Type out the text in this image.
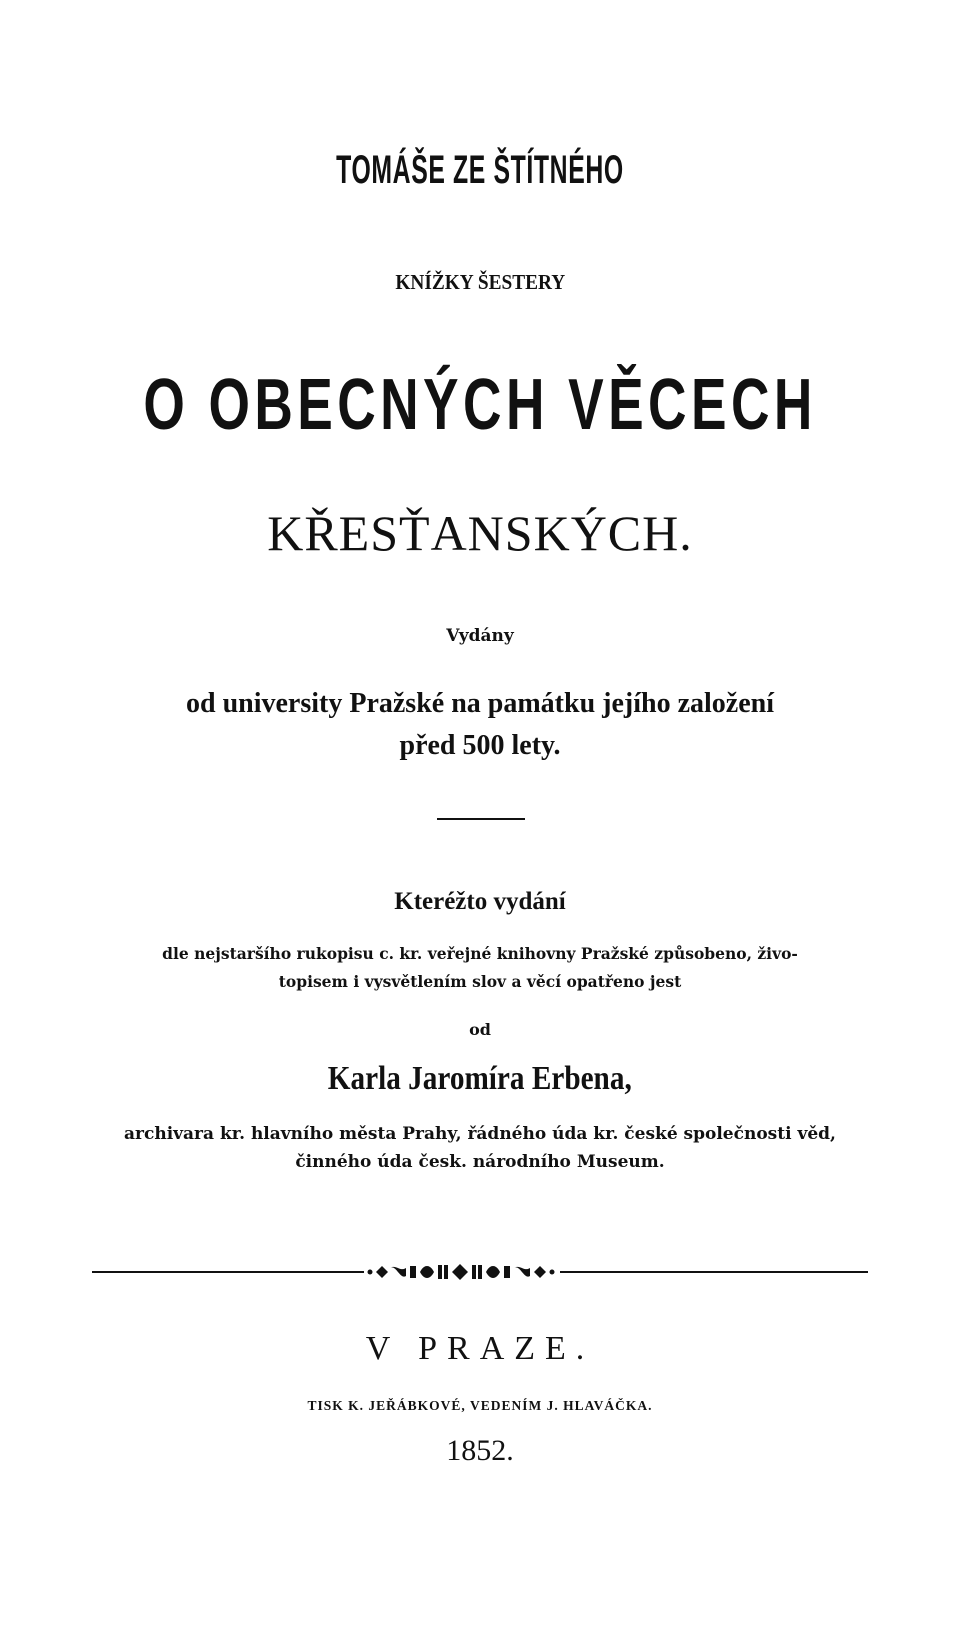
TOMÁŠE ZE ŠTÍTNÉHO
KNÍŽKY ŠESTERY
O OBECNÝCH VĚCECH
KŘESŤANSKÝCH.
Vydány
od university Pražské na památku jejího založení
před 500 lety.
Kteréžto vydání
dle nejstaršího rukopisu c. kr. veřejné knihovny Pražské způsobeno, živo-
topisem i vysvětlením slov a věcí opatřeno jest
od
Karla Jaromíra Erbena,
archivara kr. hlavního města Prahy, řádného úda kr. české společnosti věd,
činného úda česk. národního Museum.
V PRAZE.
TISK K. JEŘÁBKOVÉ, VEDENÍM J. HLAVÁČKA.
1852.
